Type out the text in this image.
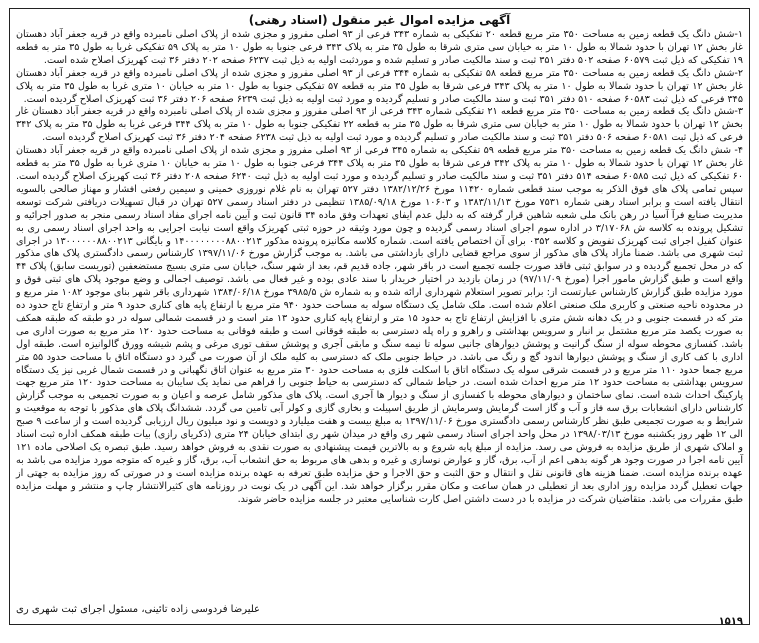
آگهی مزایده اموال غیر منقول (اسناد رهنی)

۱-شش دانگ یک قطعه زمین به مساحت ۳۵۰ متر مربع قطعه ۲۰ تفکیکی به شماره ۳۴۳ فرعی از ۹۳ اصلی مفروز و مجزی شده از پلاک اصلی نامبرده واقع در قریه جعفر آباد دهستان غار بخش ۱۲ تهران با حدود شمالا به طول ۱۰ متر به خیابان سی متری شرقا به طول ۳۵ متر به پلاک ۳۴۳ فرعی جنوبا به طول ۱۰ متر به پلاک ۵۹ تفکیکی غربا به طول ۳۵ متر به قطعه ۱۹ تفکیکی که ذیل ثبت ۶۰۵۷۹ صفحه ۵۰۲ دفتر ۳۵۱ ثبت و سند مالکیت صادر و تسلیم شده و موردثبت اولیه به ذیل ثبت ۶۲۳۷ صفحه ۲۰۲ دفتر ۳۶ ثبت کهریزک اصلاح شده است.

۲-شش دانگ یک قطعه زمین به مساحت ۳۵۰ متر مربع قطعه ۵۸ تفکیکی به شماره ۳۴۴ فرعی از ۹۳ اصلی مفروز و مجزی شده از پلاک اصلی نامبرده واقع در قریه جعفر آباد دهستان غار بخش ۱۲ تهران با حدود شمالا به طول ۱۰ متر به پلاک ۳۴۳ فرعی شرقا به طول ۳۵ متر به قطعه ۵۷ تفکیکی جنوبا به طول ۱۰ متر به خیابان ۱۰ متری غربا به طول ۳۵ متر به پلاک ۳۴۵ فرعی که ذیل ثبت ۶۰۵۸۳ صفحه ۵۱۰ دفتر ۳۵۱ ثبت و سند مالکیت صادر و تسلیم گردیده و مورد ثبت اولیه به ذیل ثبت ۶۲۳۹ صفحه ۲۰۶ دفتر ۳۶ ثبت کهریزک اصلاح گردیده است.

۳-شش دانگ یک قطعه زمین به مساحت ۳۵۰ متر مربع قطعه ۲۱ تفکیکی شماره ۳۴۳ فرعی از ۹۳ اصلی مفروز و مجزی شده از پلاک اصلی نامبرده واقع در قریه جعفر آباد دهستان غار بخش ۱۲ تهران با حدود شمالا به طول ۱۰ متر به خیابان سی متری شرقا به طول ۳۵ متر به قطعه ۲۲ تفکیکی جنوبا به طول ۱۰ متر به پلاک ۳۴۴ فرعی غربا به طول ۳۵ متر به پلاک ۳۴۲ فرعی که ذیل ثبت ۶۰۵۸۱ صفحه ۵۰۶ دفتر ۳۵۱ ثبت و سند مالکیت صادر و تسلیم گردیده و مورد ثبت اولیه به ذیل ثبت ۶۲۳۸ صفحه ۲۰۴ دفتر ۳۶ ثبت کهریزک اصلاح گردیده است.

۴- شش دانگ یک قطعه زمین به مساحت ۳۵۰ متر مربع قطعه ۵۹ تفکیکی به شماره ۳۴۵ فرعی از ۹۳ اصلی مفروز و مجزی شده از پلاک اصلی نامبرده واقع در قریه جعفر آباد دهستان غار بخش ۱۲ تهران با حدود شمالا به طول ۱۰ متر به پلاک ۳۴۲ فرعی شرقا به طول ۳۵ متر به پلاک ۳۴۴ فرعی جنوبا به طول ۱۰ متر به خیابان ۱۰ متری غربا به طول ۳۵ متر به قطعه ۶۰ تفکیکی که ذیل ثبت ۶۰۵۸۵ صفحه ۵۱۴ دفتر ۳۵۱ ثبت و سند مالکیت صادر و تسلیم گردیده و مورد ثبت اولیه به ذیل ثبت ۶۲۴۰ صفحه ۲۰۸ دفتر ۳۶ ثبت کهریزک اصلاح گردیده است. سپس تمامی پلاک های فوق الذکر به موجب سند قطعی شماره ۱۱۴۲۰ مورخ ۱۳۸۲/۱۲/۲۶ دفتر ۵۲۷ تهران به نام غلام نوروزی خمینی و سیمین رفعتی افشار و مهناز صالحی بالسویه انتقال یافته است و برابر اسناد رهنی شماره ۷۵۳۱ مورخ ۱۳۸۳/۱۱/۱۳ و ۱۰۶۰۳ مورخ ۱۳۸۵/۰۹/۱۸ تنظیمی در دفتر اسناد رسمی ۵۲۷ تهران در قبال تسهیلات دریافتی شرکت توسعه مدیریت صنایع فرآ آسیا در رهن بانک ملی شعبه شاهین قرار گرفته که به دلیل عدم ایفای تعهدات وفق ماده ۳۴ قانون ثبت و آیین نامه اجرای مفاد اسناد رسمی منجر به صدور اجرائیه و تشکیل پرونده به کلاسه ش ۳/۱۷۰۶۸ در اداره سوم اجرای اسناد رسمی گردیده و چون مورد وثیقه در حوزه ثبتی کهریزک واقع است نیابت اجرایی به واحد اجرای اسناد رسمی ری به عنوان کفیل اجرای ثبت کهریزک تفویض و کلاسه ۰۳۵۲ برای آن اختصاص یافته است. شماره کلاسه مکانیزه پرونده مذکور ۱۴۰۰۰۰۰۰۰۰۸۸۰۰۲۱۳ و بایگانی ۱۳۰۰۰۰۰۰۸۸۰۰۲۱۳ در اجرای ثبت شهری می باشد. ضمنا مازاد پلاک های مذکور از سوی مراجع قضایی دارای بازداشتی می باشد. به موجب گزارش مورخ ۱۳۹۷/۱۱/۰۶ کارشناس رسمی دادگستری پلاک های مذکور که در محل تجمیع گردیده و در سوابق ثبتی فاقد صورت جلسه تجمیع است در باقر شهر، جاده قدیم قم، بعد از شهر سنگ، خیابان سی متری بسیج مستضعفین (توریست سابق) پلاک ۴۴ واقع است و طبق گزارش مامور اجرا (مورخ ۹۷/۱۱/۰۹) در زمان بازدید در اختیار خریدار با سند عادی بوده و غیر فعال می باشد. توصیف اجمالی و وضع موجود پلاک های ثبتی فوق و مورد مزایده طبق گزارش کارشناس عبارتست از: برابر تصویر استعلام شهرداری ارائه شده و به شماره ش ۳۹۸۵/۵ مورخ ۱۳۸۴/۰۶/۱۸ شهرداری باقر شهر بنای موجود ۱۰۸۲ متر مربع و در محدوده ناحیه صنعتی و کاربری ملک صنعتی اعلام شده است. ملک شامل یک دستگاه سوله به مساحت حدود ۹۴۰ متر مربع با ارتفاع پایه های کناری حدود ۹ متر و ارتفاع تاج حدود ده متر که در قسمت جنوبی و در یک دهانه شش متری با افزایش ارتفاع تاج به حدود ۱۵ متر و ارتفاع پایه کناری حدود ۱۳ متر است و در قسمت شمالی سوله در دو طبقه که طبقه همکف به صورت یکصد متر مربع مشتمل بر انبار و سرویس بهداشتی و راهرو و راه پله دسترسی به طبقه فوقانی است و طبقه فوقانی به مساحت حدود ۱۲۰ متر مربع به صورت اداری می باشد. کفسازی محوطه سوله از سنگ گرانیت و پوشش دیوارهای جانبی سوله تا نیمه سنگ و مابقی آجری و پوشش سقف توری مرغی و پشم شیشه وورق گالوانیزه است. طبقه اول اداری با کف کاری از سنگ و پوشش دیوارها اندود گچ و رنگ می باشد. در حیاط جنوبی ملک که دسترسی به کلیه ملک از آن صورت می گیرد دو دستگاه اتاق با مساحت حدود ۵۵ متر مربع جمعا حدود ۱۱۰ متر مربع و در قسمت شرقی سوله یک دستگاه اتاق با اسکلت فلزی به مساحت حدود ۳۰ متر مربع به عنوان اتاق نگهبانی و در قسمت شمال غربی نیز یک دستگاه سرویس بهداشتی به مساحت حدود ۱۲ متر مربع احداث شده است. در حیاط شمالی که دسترسی به حیاط جنوبی را فراهم می نماید یک سایبان به مساحت حدود ۱۲۰ متر مربع جهت پارکینگ احداث شده است. نمای ساختمان و دیوارهای محوطه با کفسازی از سنگ و دیوار ها آجری است. پلاک های مذکور شامل عرصه و اعیان و به صورت تجمیعی به موجب گزارش کارشناس دارای انشعابات برق سه فاز و آب و گاز است گرمایش وسرمایش از طریق اسپیلت و بخاری گازی و کولر آبی تامین می گردد. ششدانگ پلاک های مذکور با توجه به موقعیت و شرایط و به صورت تجمیعی طبق نظر کارشناس رسمی دادگستری مورخ ۱۳۹۷/۱۱/۰۶ به مبلغ بیست و هفت میلیارد و دویست و نود میلیون ریال ارزیابی گردیده است و از ساعت ۹ صبح الی ۱۲ ظهر روز یکشنبه مورخ ۱۳۹۸/۰۳/۱۳ در محل واحد اجرای اسناد رسمی شهر ری واقع در میدان شهر ری ابتدای خیابان ۲۴ متری (ذکریای رازی) بیات طبقه همکف اداره ثبت اسناد و املاک شهری از طریق مزایده به فروش می رسد. مزایده از مبلغ پایه شروع و به بالاترین قیمت پیشنهادی به صورت نقدی به فروش خواهد رسید. طبق تبصره یک اصلاحی ماده ۱۲۱ آیین نامه اجرا در صورت وجود هر گونه بدهی اعم از آب، برق، گاز و عوارض نوسازی و غیره و بدهی های مربوط به حق انشعاب آب، برق، گاز و غیره که متوجه مورد مزایده می باشد به عهده برنده مزایده است. ضمنا هزینه های قانونی نقل و انتقال و حق الثبت و حق الاجرا و حق مزایده طبق تعرفه به عهده برنده مزایده است و در صورتی که روز مزایده به جهتی از جهات تعطیل گردد مزایده روز اداری بعد از تعطیلی در همان ساعت و مکان مقرر برگزار خواهد شد. این آگهی در یک نوبت در روزنامه های کثیرالانتشار چاپ و منتشر و مهلت مزایده طبق مقررات می باشد. متقاضیان شرکت در مزایده با در دست داشتن اصل کارت شناسایی معتبر در جلسه مزایده حاضر شوند.

علیرضا فردوسی زاده تائینی، مسئول اجرای ثبت شهری ری
۱۵۱۹
